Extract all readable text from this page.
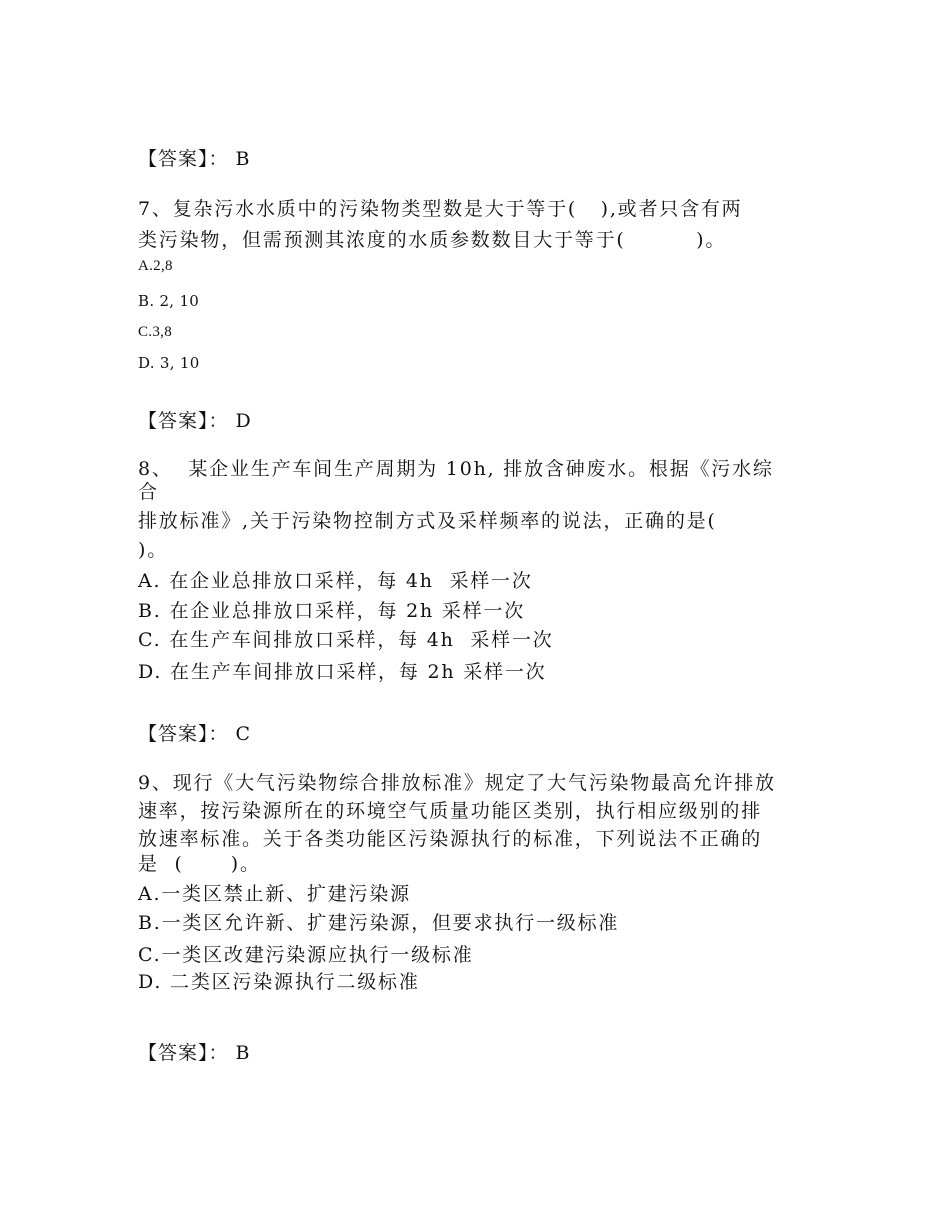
【答案】： B
7、复杂污水水质中的污染物类型数是大于等于(   ),或者只含有两
类污染物，但需预测其浓度的水质参数数目大于等于(         )。
A.2,8
B. 2, 10
C.3,8
D. 3, 10
【答案】： D
8、  某企业生产车间生产周期为 10h, 排放含砷废水。根据《污水综
合
排放标准》,关于污染物控制方式及采样频率的说法，正确的是(
)。
A. 在企业总排放口采样，每 4h  采样一次
B. 在企业总排放口采样，每 2h 采样一次
C. 在生产车间排放口采样，每 4h  采样一次
D. 在生产车间排放口采样，每 2h 采样一次
【答案】： C
9、现行《大气污染物综合排放标准》规定了大气污染物最高允许排放
速率，按污染源所在的环境空气质量功能区类别，执行相应级别的排
放速率标准。关于各类功能区污染源执行的标准，下列说法不正确的
是  (      )。
A.一类区禁止新、扩建污染源
B.一类区允许新、扩建污染源，但要求执行一级标准
C.一类区改建污染源应执行一级标准
D. 二类区污染源执行二级标准
【答案】： B
